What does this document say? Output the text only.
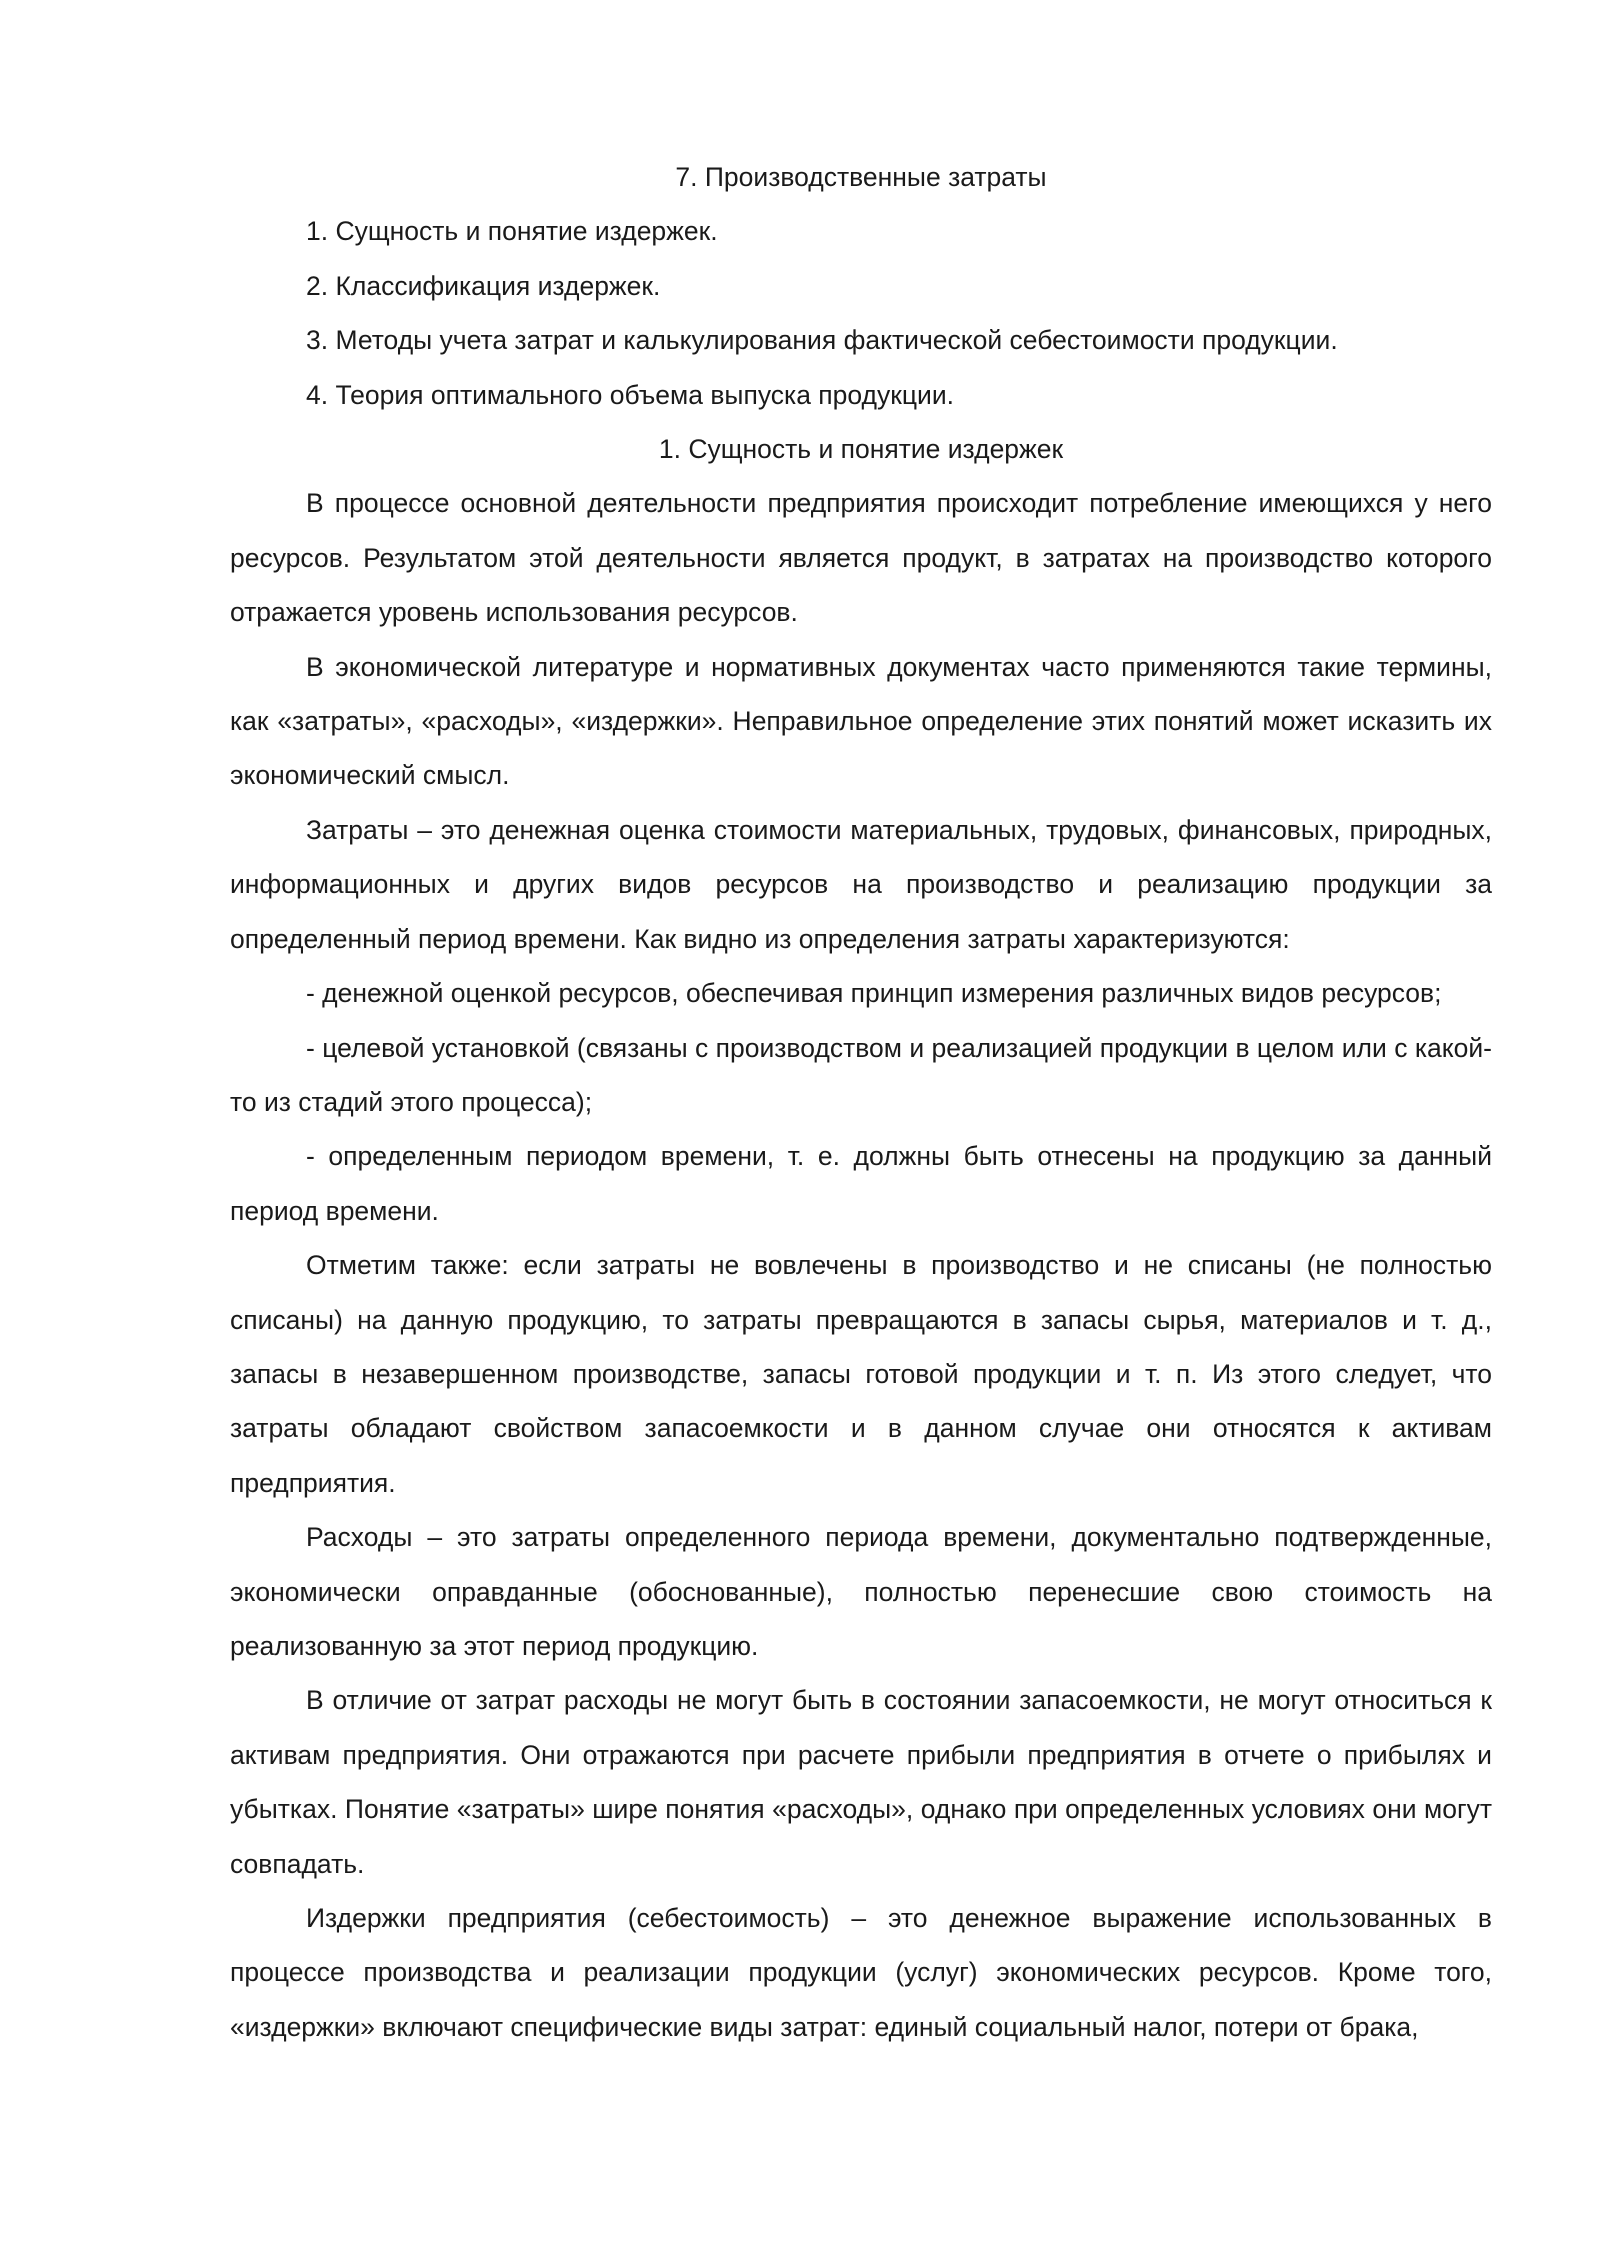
7. Производственные затраты

1. Сущность и понятие издержек.

2. Классификация издержек.

3. Методы учета затрат и калькулирования фактической себестоимости продукции.

4. Теория оптимального объема выпуска продукции.

1. Сущность и понятие издержек

В процессе основной деятельности предприятия происходит потребление имеющихся у него ресурсов. Результатом этой деятельности является продукт, в затратах на производство которого отражается уровень использования ресурсов.

В экономической литературе и нормативных документах часто применяются такие термины, как «затраты», «расходы», «издержки». Неправильное определение этих понятий может исказить их экономический смысл.

Затраты – это денежная оценка стоимости материальных, трудовых, финансовых, природных, информационных и других видов ресурсов на производство и реализацию продукции за определенный период времени. Как видно из определения затраты характеризуются:

- денежной оценкой ресурсов, обеспечивая принцип измерения различных видов ресурсов;

- целевой установкой (связаны с производством и реализацией продукции в целом или с какой-то из стадий этого процесса);

- определенным периодом времени, т. е. должны быть отнесены на продукцию за данный период времени.

Отметим также: если затраты не вовлечены в производство и не списаны (не полностью списаны) на данную продукцию, то затраты превращаются в запасы сырья, материалов и т. д., запасы в незавершенном производстве, запасы готовой продукции и т. п. Из этого следует, что затраты обладают свойством запасоемкости и в данном случае они относятся к активам предприятия.

Расходы – это затраты определенного периода времени, документально подтвержденные, экономически оправданные (обоснованные), полностью перенесшие свою стоимость на реализованную за этот период продукцию.

В отличие от затрат расходы не могут быть в состоянии запасоемкости, не могут относиться к активам предприятия. Они отражаются при расчете прибыли предприятия в отчете о прибылях и убытках. Понятие «затраты» шире понятия «расходы», однако при определенных условиях они могут совпадать.

Издержки предприятия (себестоимость) – это денежное выражение использованных в процессе производства и реализации продукции (услуг) экономических ресурсов. Кроме того, «издержки» включают специфические виды затрат: единый социальный налог, потери от брака,
